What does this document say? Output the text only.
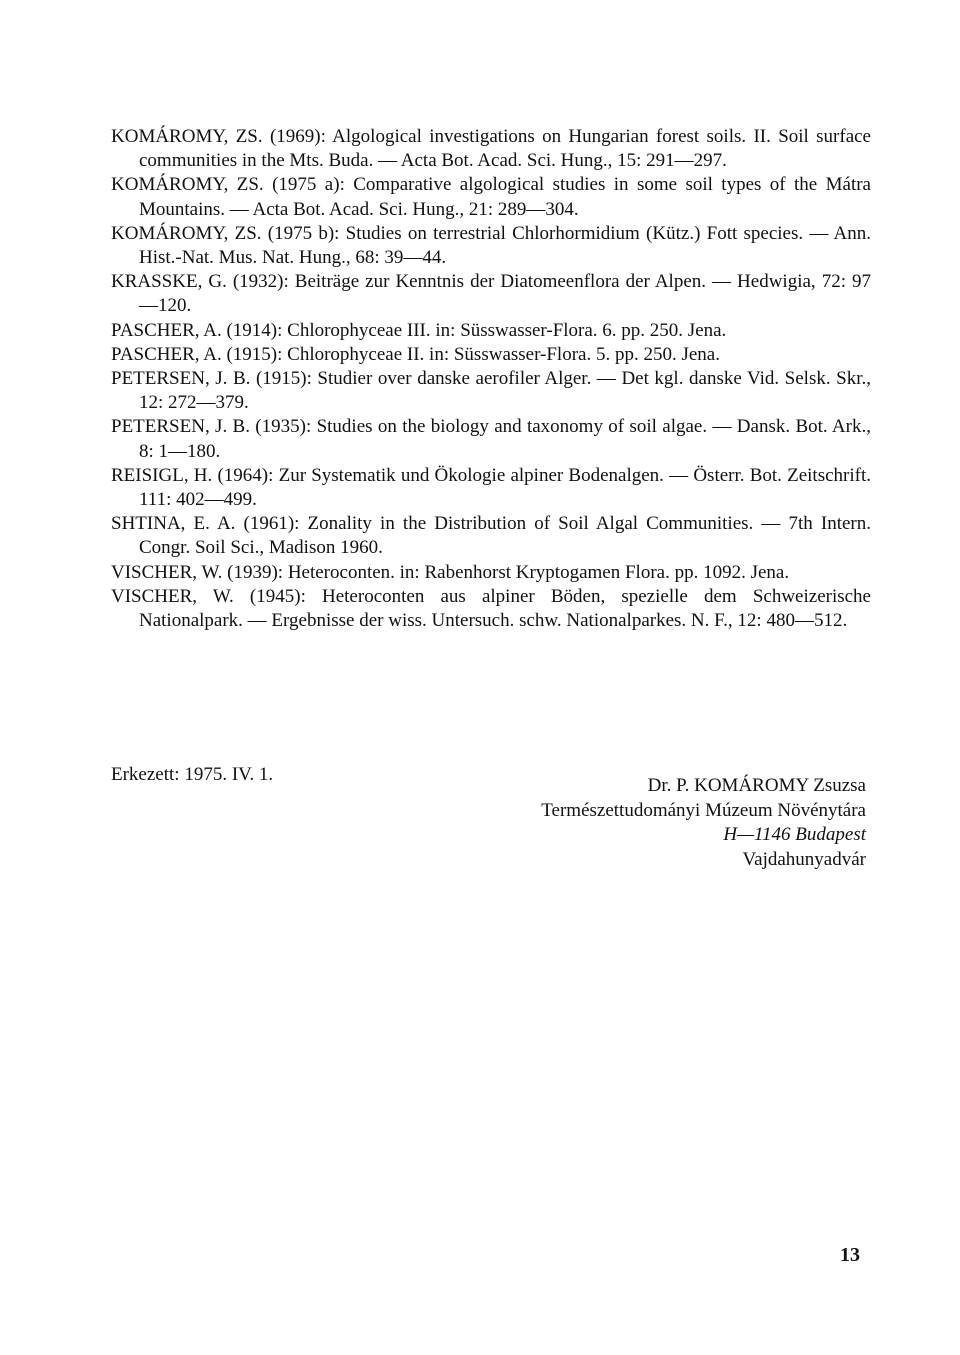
KOMÁROMY, ZS. (1969): Algological investigations on Hungarian forest soils. II. Soil surface communities in the Mts. Buda. — Acta Bot. Acad. Sci. Hung., 15: 291—297.

KOMÁROMY, ZS. (1975 a): Comparative algological studies in some soil types of the Mátra Mountains. — Acta Bot. Acad. Sci. Hung., 21: 289—304.

KOMÁROMY, ZS. (1975 b): Studies on terrestrial Chlorhormidium (Kütz.) Fott species. — Ann. Hist.-Nat. Mus. Nat. Hung., 68: 39—44.

KRASSKE, G. (1932): Beiträge zur Kenntnis der Diatomeenflora der Alpen. — Hedwigia, 72: 97—120.

PASCHER, A. (1914): Chlorophyceae III. in: Süsswasser-Flora. 6. pp. 250. Jena.

PASCHER, A. (1915): Chlorophyceae II. in: Süsswasser-Flora. 5. pp. 250. Jena.

PETERSEN, J. B. (1915): Studier over danske aerofiler Alger. — Det kgl. danske Vid. Selsk. Skr., 12: 272—379.

PETERSEN, J. B. (1935): Studies on the biology and taxonomy of soil algae. — Dansk. Bot. Ark., 8: 1—180.

REISIGL, H. (1964): Zur Systematik und Ökologie alpiner Bodenalgen. — Österr. Bot. Zeitschrift. 111: 402—499.

SHTINA, E. A. (1961): Zonality in the Distribution of Soil Algal Communities. — 7th Intern. Congr. Soil Sci., Madison 1960.

VISCHER, W. (1939): Heteroconten. in: Rabenhorst Kryptogamen Flora. pp. 1092. Jena.

VISCHER, W. (1945): Heteroconten aus alpiner Böden, spezielle dem Schweizerische Nationalpark. — Ergebnisse der wiss. Untersuch. schw. Nationalparkes. N. F., 12: 480—512.

Erkezett: 1975. IV. 1.
Dr. P. KOMÁROMY Zsuzsa
Természettudományi Múzeum Növénytára
H—1146 Budapest
Vajdahunyadvár
13
